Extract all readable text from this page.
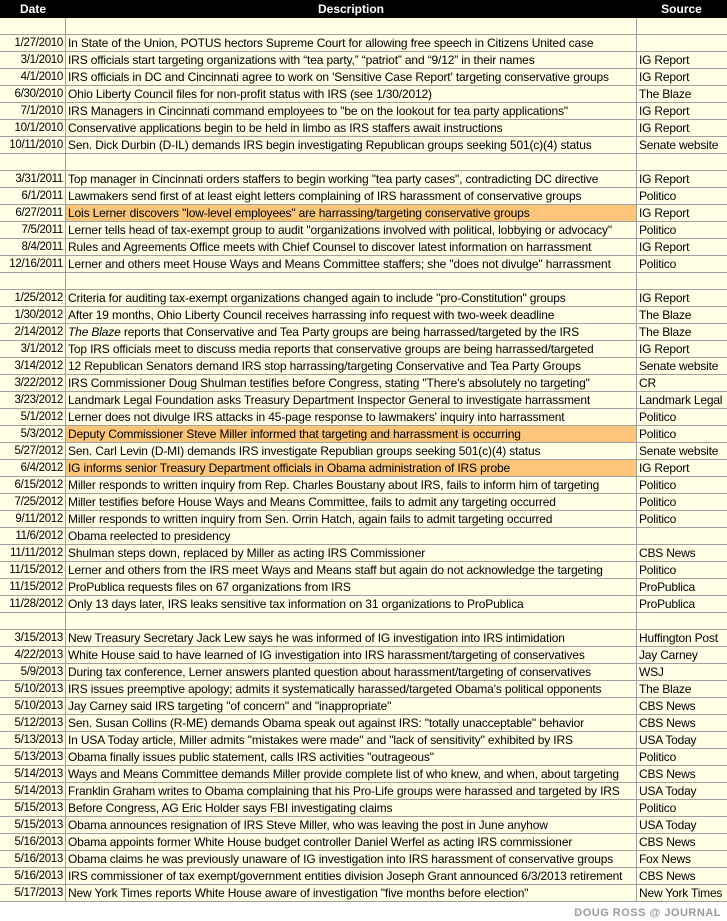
Date	Description	Source
1/27/2010 In State of the Union, POTUS hectors Supreme Court for allowing free speech in Citizens United case
3/1/2010 IRS officials start targeting organizations with “tea party,” “patriot” and “9/12” in their names	IG Report
4/1/2010 IRS officials in DC and Cincinnati agree to work on 'Sensitive Case Report' targeting conservative groups	IG Report
6/30/2010 Ohio Liberty Council files for non-profit status with IRS (see 1/30/2012)	The Blaze
7/1/2010 IRS Managers in Cincinnati command employees to "be on the lookout for tea party applications"	IG Report
10/1/2010 Conservative applications begin to be held in limbo as IRS staffers await instructions	IG Report
10/11/2010 Sen. Dick Durbin (D-IL) demands IRS begin investigating Republican groups seeking 501(c)(4) status	Senate website
3/31/2011 Top manager in Cincinnati orders staffers to begin working "tea party cases", contradicting DC directive	IG Report
6/1/2011 Lawmakers send first of at least eight letters complaining of IRS harassment of conservative groups	Politico
6/27/2011 Lois Lerner discovers "low-level employees" are harrassing/targeting conservative groups	IG Report
7/5/2011 Lerner tells head of tax-exempt group to audit "organizations involved with political, lobbying or advocacy"	Politico
8/4/2011 Rules and Agreements Office meets with Chief Counsel to discover latest information on harrassment	IG Report
12/16/2011 Lerner and others meet House Ways and Means Committee staffers; she "does not divulge" harrassment	Politico
1/25/2012 Criteria for auditing tax-exempt organizations changed again to include "pro-Constitution" groups	IG Report
1/30/2012 After 19 months, Ohio Liberty Council receives harrassing info request with two-week deadline	The Blaze
2/14/2012 The Blaze reports that Conservative and Tea Party groups are being harrassed/targeted by the IRS	The Blaze
3/1/2012 Top IRS officials meet to discuss media reports that conservative groups are being harrassed/targeted	IG Report
3/14/2012 12 Republican Senators demand IRS stop harrassing/targeting Conservative and Tea Party Groups	Senate website
3/22/2012 IRS Commissioner Doug Shulman testifies before Congress, stating "There's absolutely no targeting"	CR
3/23/2012 Landmark Legal Foundation asks Treasury Department Inspector General to investigate harrassment	Landmark Legal
5/1/2012 Lerner does not divulge IRS attacks in 45-page response to lawmakers' inquiry into harrassment	Politico
5/3/2012 Deputy Commissioner Steve Miller informed that targeting and harrassment is occurring	Politico
5/27/2012 Sen. Carl Levin (D-MI) demands IRS investigate Republian groups seeking 501(c)(4) status	Senate website
6/4/2012 IG informs senior Treasury Department officials in Obama administration of IRS probe	IG Report
6/15/2012 Miller responds to written inquiry from Rep. Charles Boustany about IRS, fails to inform him of targeting	Politico
7/25/2012 Miller testifies before House Ways and Means Committee, fails to admit any targeting occurred	Politico
9/11/2012 Miller responds to written inquiry from Sen. Orrin Hatch, again fails to admit targeting occurred	Politico
11/6/2012 Obama reelected to presidency
11/11/2012 Shulman steps down, replaced by Miller as acting IRS Commissioner	CBS News
11/15/2012 Lerner and others from the IRS meet Ways and Means staff but again do not acknowledge the targeting	Politico
11/15/2012 ProPublica requests files on 67 organizations from IRS	ProPublica
11/28/2012 Only 13 days later, IRS leaks sensitive tax information on 31 organizations to ProPublica	ProPublica
3/15/2013 New Treasury Secretary Jack Lew says he was informed of IG investigation into IRS intimidation	Huffington Post
4/22/2013 White House said to have learned of IG investigation into IRS harassment/targeting of conservatives	Jay Carney
5/9/2013 During tax conference, Lerner answers planted question about harassment/targeting of conservatives	WSJ
5/10/2013 IRS issues preemptive apology; admits it systematically harassed/targeted Obama's political opponents	The Blaze
5/10/2013 Jay Carney said IRS targeting "of concern" and "inappropriate"	CBS News
5/12/2013 Sen. Susan Collins (R-ME) demands Obama speak out against IRS: "totally unacceptable" behavior	CBS News
5/13/2013 In USA Today article, Miller admits "mistakes were made" and "lack of sensitivity" exhibited by IRS	USA Today
5/13/2013 Obama finally issues public statement, calls IRS activities "outrageous"	Politico
5/14/2013 Ways and Means Committee demands Miller provide complete list of who knew, and when, about targeting	CBS News
5/14/2013 Franklin Graham writes to Obama complaining that his Pro-Life groups were harassed and targeted by IRS	USA Today
5/15/2013 Before Congress, AG Eric Holder says FBI investigating claims	Politico
5/15/2013 Obama announces resignation of IRS Steve Miller, who was leaving the post in June anyhow	USA Today
5/16/2013 Obama appoints former White House budget controller Daniel Werfel as acting IRS commissioner	CBS News
5/16/2013 Obama claims he was previously unaware of IG investigation into IRS harassment of conservative groups	Fox News
5/16/2013 IRS commissioner of tax exempt/government entities division Joseph Grant announced 6/3/2013 retirement	CBS News
5/17/2013 New York Times reports White House aware of investigation "five months before election"	New York Times
DOUG ROSS @ JOURNAL
